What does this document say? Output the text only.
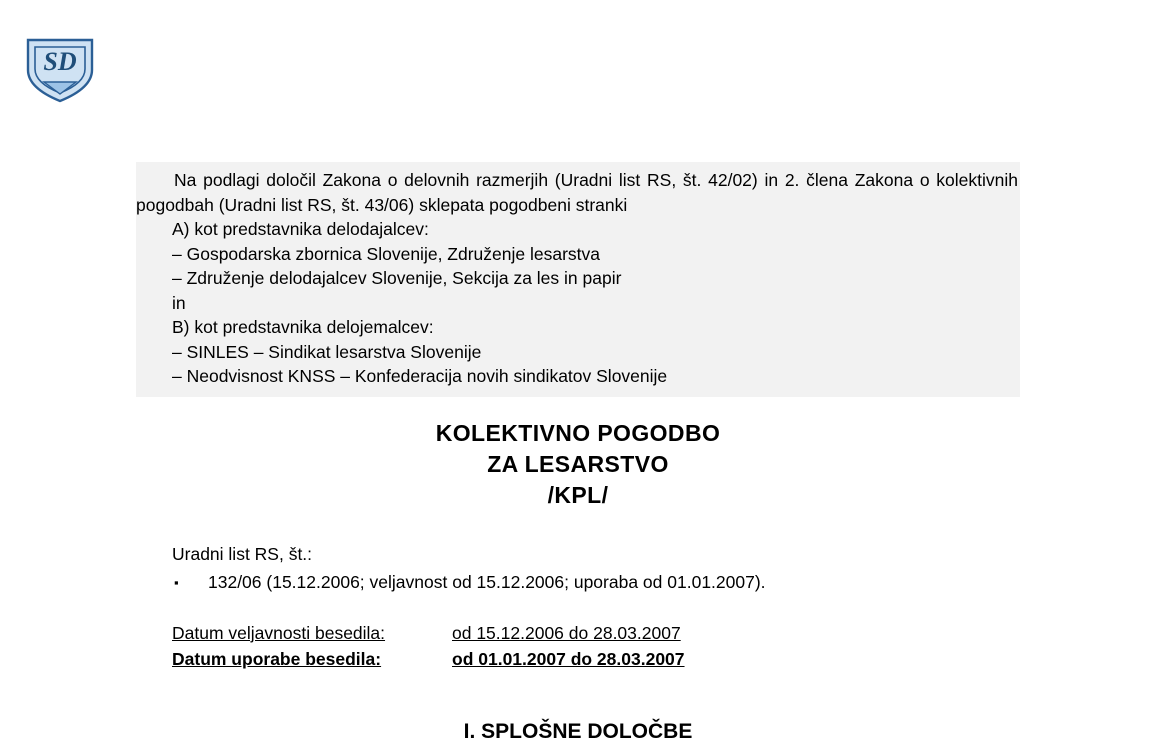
SD

Na podlagi določil Zakona o delovnih razmerjih (Uradni list RS, št. 42/02) in 2. člena Zakona o kolektivnih pogodbah (Uradni list RS, št. 43/06) sklepata pogodbeni stranki

A) kot predstavnika delodajalcev:
– Gospodarska zbornica Slovenije, Združenje lesarstva
– Združenje delodajalcev Slovenije, Sekcija za les in papir
in
B) kot predstavnika delojemalcev:
– SINLES – Sindikat lesarstva Slovenije
– Neodvisnost KNSS – Konfederacija novih sindikatov Slovenije
KOLEKTIVNO POGODBO
ZA LESARSTVO
/KPL/
Uradni list RS, št.:
▪ 132/06 (15.12.2006; veljavnost od 15.12.2006; uporaba od 01.01.2007).
Datum veljavnosti besedila:	od 15.12.2006 do 28.03.2007
Datum uporabe besedila:	od 01.01.2007 do 28.03.2007
I. SPLOŠNE DOLOČBE
